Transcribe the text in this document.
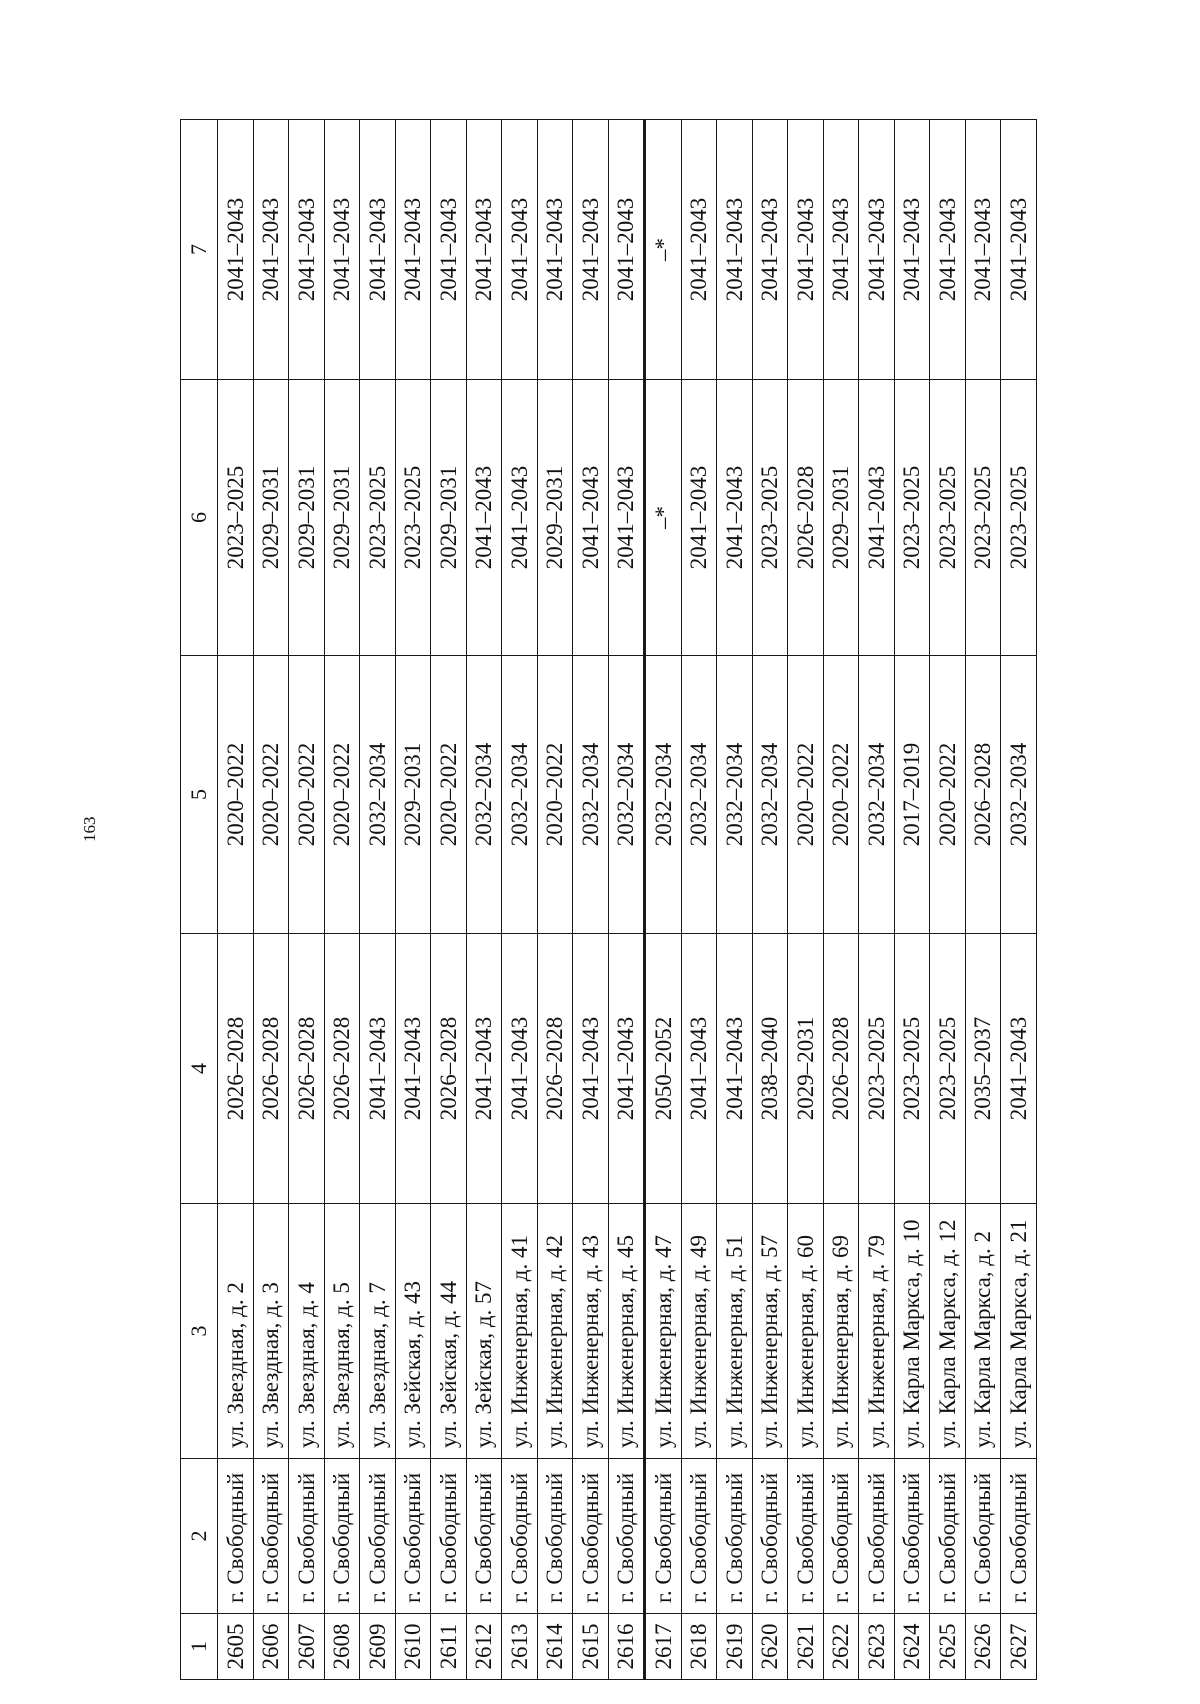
163
1	2	3	4	5	6	7
2605	г. Свободный	ул. Звездная, д. 2	2026–2028	2020–2022	2023–2025	2041–2043
2606	г. Свободный	ул. Звездная, д. 3	2026–2028	2020–2022	2029–2031	2041–2043
2607	г. Свободный	ул. Звездная, д. 4	2026–2028	2020–2022	2029–2031	2041–2043
2608	г. Свободный	ул. Звездная, д. 5	2026–2028	2020–2022	2029–2031	2041–2043
2609	г. Свободный	ул. Звездная, д. 7	2041–2043	2032–2034	2023–2025	2041–2043
2610	г. Свободный	ул. Зейская, д. 43	2041–2043	2029–2031	2023–2025	2041–2043
2611	г. Свободный	ул. Зейская, д. 44	2026–2028	2020–2022	2029–2031	2041–2043
2612	г. Свободный	ул. Зейская, д. 57	2041–2043	2032–2034	2041–2043	2041–2043
2613	г. Свободный	ул. Инженерная, д. 41	2041–2043	2032–2034	2041–2043	2041–2043
2614	г. Свободный	ул. Инженерная, д. 42	2026–2028	2020–2022	2029–2031	2041–2043
2615	г. Свободный	ул. Инженерная, д. 43	2041–2043	2032–2034	2041–2043	2041–2043
2616	г. Свободный	ул. Инженерная, д. 45	2041–2043	2032–2034	2041–2043	2041–2043
2617	г. Свободный	ул. Инженерная, д. 47	2050–2052	2032–2034	–*	–*
2618	г. Свободный	ул. Инженерная, д. 49	2041–2043	2032–2034	2041–2043	2041–2043
2619	г. Свободный	ул. Инженерная, д. 51	2041–2043	2032–2034	2041–2043	2041–2043
2620	г. Свободный	ул. Инженерная, д. 57	2038–2040	2032–2034	2023–2025	2041–2043
2621	г. Свободный	ул. Инженерная, д. 60	2029–2031	2020–2022	2026–2028	2041–2043
2622	г. Свободный	ул. Инженерная, д. 69	2026–2028	2020–2022	2029–2031	2041–2043
2623	г. Свободный	ул. Инженерная, д. 79	2023–2025	2032–2034	2041–2043	2041–2043
2624	г. Свободный	ул. Карла Маркса, д. 10	2023–2025	2017–2019	2023–2025	2041–2043
2625	г. Свободный	ул. Карла Маркса, д. 12	2023–2025	2020–2022	2023–2025	2041–2043
2626	г. Свободный	ул. Карла Маркса, д. 2	2035–2037	2026–2028	2023–2025	2041–2043
2627	г. Свободный	ул. Карла Маркса, д. 21	2041–2043	2032–2034	2023–2025	2041–2043
